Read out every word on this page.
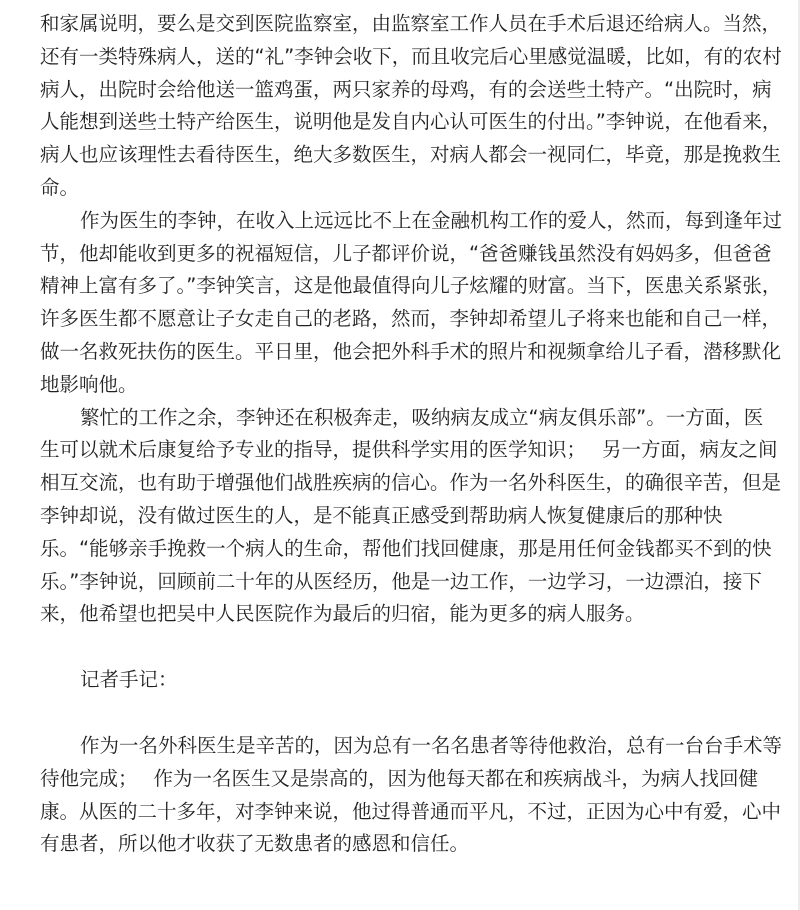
和家属说明，要么是交到医院监察室，由监察室工作人员在手术后退还给病人。当然，还有一类特殊病人，送的“礼”李钟会收下，而且收完后心里感觉温暖，比如，有的农村病人，出院时会给他送一篮鸡蛋，两只家养的母鸡，有的会送些土特产。“出院时，病人能想到送些土特产给医生，说明他是发自内心认可医生的付出。”李钟说，在他看来，病人也应该理性去看待医生，绝大多数医生，对病人都会一视同仁，毕竟，那是挽救生命。

作为医生的李钟，在收入上远远比不上在金融机构工作的爱人，然而，每到逢年过节，他却能收到更多的祝福短信，儿子都评价说，“爸爸赚钱虽然没有妈妈多，但爸爸精神上富有多了。”李钟笑言，这是他最值得向儿子炫耀的财富。当下，医患关系紧张，许多医生都不愿意让子女走自己的老路，然而，李钟却希望儿子将来也能和自己一样，做一名救死扶伤的医生。平日里，他会把外科手术的照片和视频拿给儿子看，潜移默化地影响他。

繁忙的工作之余，李钟还在积极奔走，吸纳病友成立“病友俱乐部”。一方面，医生可以就术后康复给予专业的指导，提供科学实用的医学知识；　 另一方面，病友之间相互交流，也有助于增强他们战胜疾病的信心。作为一名外科医生，的确很辛苦，但是李钟却说，没有做过医生的人，是不能真正感受到帮助病人恢复健康后的那种快乐。“能够亲手挽救一个病人的生命，帮他们找回健康，那是用任何金钱都买不到的快乐。”李钟说，回顾前二十年的从医经历，他是一边工作，一边学习，一边漂泊，接下来，他希望也把吴中人民医院作为最后的归宿，能为更多的病人服务。

记者手记：

作为一名外科医生是辛苦的，因为总有一名名患者等待他救治，总有一台台手术等待他完成；　 作为一名医生又是崇高的，因为他每天都在和疾病战斗，为病人找回健康。从医的二十多年，对李钟来说，他过得普通而平凡，不过，正因为心中有爱，心中有患者，所以他才收获了无数患者的感恩和信任。
